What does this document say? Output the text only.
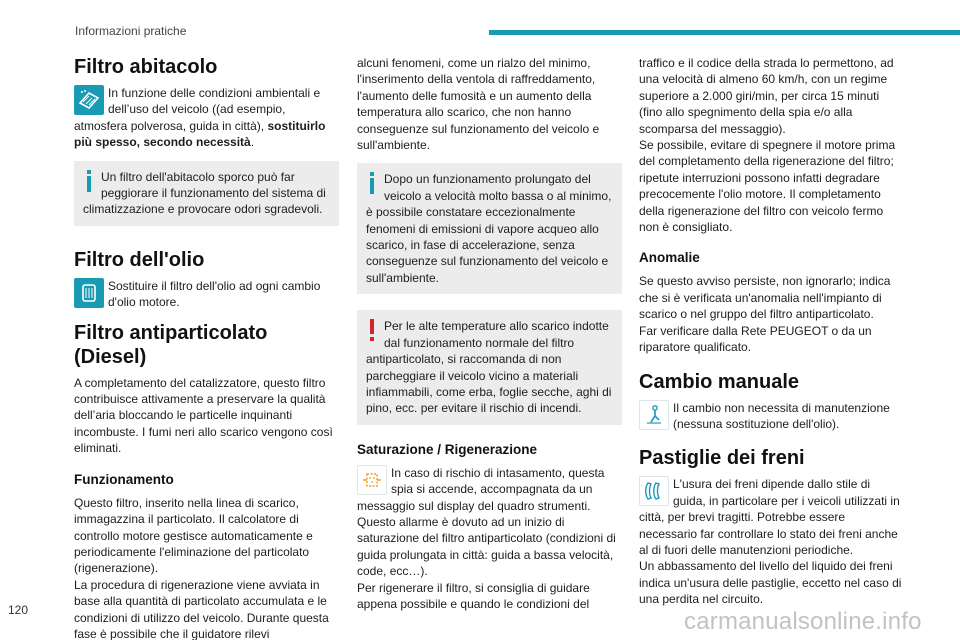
Informazioni pratiche
Filtro abitacolo

In funzione delle condizioni ambientali e dell’uso del veicolo ((ad esempio, atmosfera polverosa, guida in città), sostituirlo più spesso, secondo necessità.

Un filtro dell'abitacolo sporco può far peggiorare il funzionamento del sistema di climatizzazione e provocare odori sgradevoli.

Filtro dell'olio

Sostituire il filtro dell'olio ad ogni cambio d'olio motore.

Filtro antiparticolato (Diesel)

A completamento del catalizzatore, questo filtro contribuisce attivamente a preservare la qualità dell’aria bloccando le particelle inquinanti incombuste. I fumi neri allo scarico vengono così eliminati.

Funzionamento

Questo filtro, inserito nella linea di scarico, immagazzina il particolato. Il calcolatore di controllo motore gestisce automaticamente e periodicamente l'eliminazione del particolato (rigenerazione).

La procedura di rigenerazione viene avviata in base alla quantità di particolato accumulata e le condizioni di utilizzo del veicolo. Durante questa fase è possibile che il guidatore rilevi

alcuni fenomeni, come un rialzo del minimo, l'inserimento della ventola di raffreddamento, l'aumento delle fumosità e un aumento della temperatura allo scarico, che non hanno conseguenze sul funzionamento del veicolo e sull'ambiente.

Dopo un funzionamento prolungato del veicolo a velocità molto bassa o al minimo, è possibile constatare eccezionalmente fenomeni di emissioni di vapore acqueo allo scarico, in fase di accelerazione, senza conseguenze sul funzionamento del veicolo e sull'ambiente.

Per le alte temperature allo scarico indotte dal funzionamento normale del filtro antiparticolato, si raccomanda di non parcheggiare il veicolo vicino a materiali infiammabili, come erba, foglie secche, aghi di pino, ecc. per evitare il rischio di incendi.

Saturazione / Rigenerazione

In caso di rischio di intasamento, questa spia si accende, accompagnata da un messaggio sul display del quadro strumenti. Questo allarme è dovuto ad un inizio di saturazione del filtro antiparticolato (condizioni di guida prolungata in città: guida a bassa velocità, code, ecc…).

Per rigenerare il filtro, si consiglia di guidare appena possibile e quando le condizioni del

traffico e il codice della strada lo permettono, ad una velocità di almeno 60 km/h, con un regime superiore a 2.000 giri/min, per circa 15 minuti (fino allo spegnimento della spia e/o alla scomparsa del messaggio).

Se possibile, evitare di spegnere il motore prima del completamento della rigenerazione del filtro; ripetute interruzioni possono infatti degradare precocemente l'olio motore. Il completamento della rigenerazione del filtro con veicolo fermo non è consigliato.

Anomalie

Se questo avviso persiste, non ignorarlo; indica che si è verificata un'anomalia nell'impianto di scarico o nel gruppo del filtro antiparticolato.

Far verificare dalla Rete PEUGEOT o da un riparatore qualificato.

Cambio manuale

Il cambio non necessita di manutenzione (nessuna sostituzione dell'olio).

Pastiglie dei freni

L'usura dei freni dipende dallo stile di guida, in particolare per i veicoli utilizzati in città, per brevi tragitti. Potrebbe essere necessario far controllare lo stato dei freni anche al di fuori delle manutenzioni periodiche.

Un abbassamento del livello del liquido dei freni indica un'usura delle pastiglie, eccetto nel caso di una perdita nel circuito.

120	carmanualsonline.info
